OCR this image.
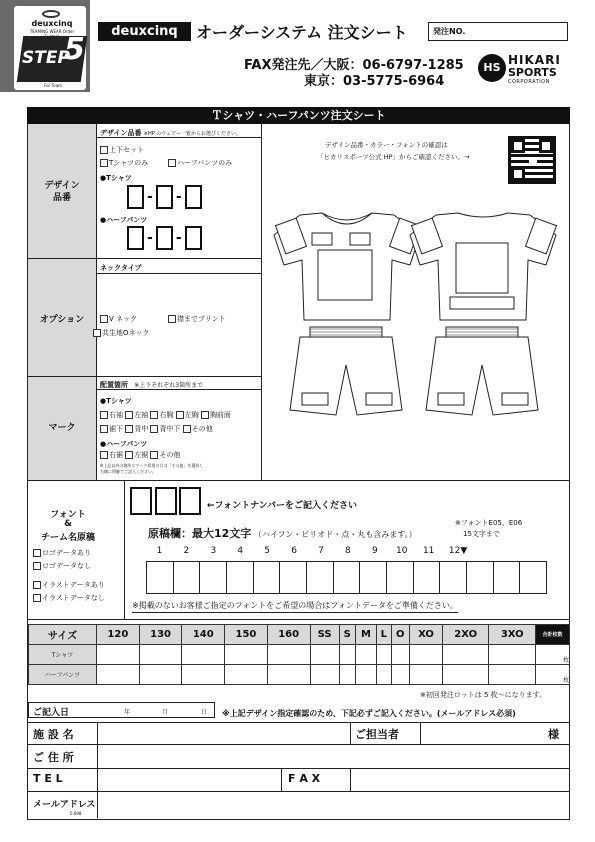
deuxcinq
TEAMING WEAR Order
STEP
5
For Team
deuxcinq	オーダーシステム 注文シート	発注NO.
FAX発注先／大阪：06-6797-1285
東京：03-5775-6964
HS
HIKARI
SPORTS
CORPORATION
Ｔシャツ・ハーフパンツ注文シート
デザイン
品番
デザイン品番 ※HP のウェアー一覧からお選びください。
上下セット
Tシャツのみ	ハーフパンツのみ
●Tシャツ
- -
●ハーフパンツ
- -
オプション
ネックタイプ
V ネック	襟までプリント
共生地Oネック
マーク
配置箇所 ※上下それぞれ3箇所まで
●Tシャツ
右袖 左袖 右胸 左胸 胸前面
裾下 背中 背中下 その他
●ハーフパンツ
右裾 左裾 その他
※上記以外の箇所にマーク希望の方は「その他」を選択し
右側に図解でご記入ください。
デザイン品番・カラー・フォントの確認は
「ヒカリスポーツ公式 HP」からご確認ください。→
フォント
&
チーム名原稿
ロゴデータあり
ロゴデータなし
イラストデータあり
イラストデータなし

←フォントナンバーをご記入ください
原稿欄：最大12文字 （ハイフン・ピリオド・点・丸も含みます。）
※フォントE05、E06
15文字まで
1	2	3	4	5	6	7	8	9	10	11	12▼
※掲載のないお客様ご指定のフォントをご希望の場合はフォントデータをご準備ください。
サイズ	120	130	140	150	160	SS	S	M	L	O	XO	2XO	3XO	合計枚数
Tシャツ														枚
ハーフパンツ														枚
※初回発注ロットは 5 枚〜になります。
ご記入日	年	月	日 ※上記デザイン指定確認のため、下記必ずご記入ください。(メールアドレス必須)
施 設 名	ご担当者	様
ご 住 所
T E L	F A X
メールアドレス
0.898
